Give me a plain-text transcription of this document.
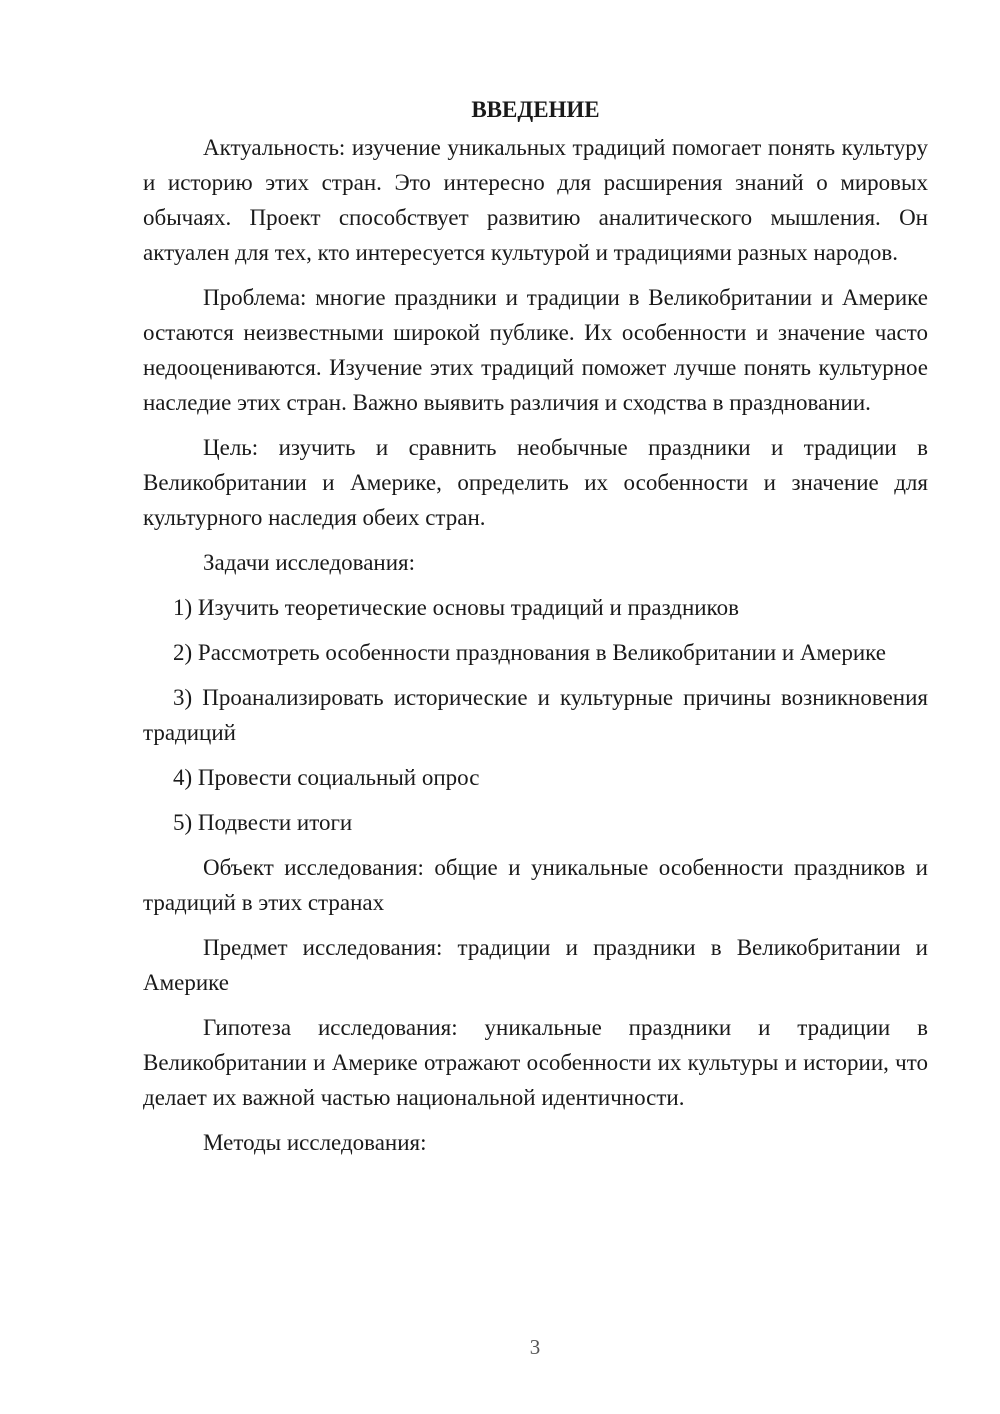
ВВЕДЕНИЕ

Актуальность: изучение уникальных традиций помогает понять культуру и историю этих стран. Это интересно для расширения знаний о мировых обычаях. Проект способствует развитию аналитического мышления. Он актуален для тех, кто интересуется культурой и традициями разных народов.

Проблема: многие праздники и традиции в Великобритании и Америке остаются неизвестными широкой публике. Их особенности и значение часто недооцениваются. Изучение этих традиций поможет лучше понять культурное наследие этих стран. Важно выявить различия и сходства в праздновании.

Цель: изучить и сравнить необычные праздники и традиции в Великобритании и Америке, определить их особенности и значение для культурного наследия обеих стран.

Задачи исследования:

1) Изучить теоретические основы традиций и праздников

2) Рассмотреть особенности празднования в Великобритании и Америке

3) Проанализировать исторические и культурные причины возникновения традиций

4) Провести социальный опрос

5) Подвести итоги

Объект исследования: общие и уникальные особенности праздников и традиций в этих странах

Предмет исследования: традиции и праздники в Великобритании и Америке

Гипотеза исследования: уникальные праздники и традиции в Великобритании и Америке отражают особенности их культуры и истории, что делает их важной частью национальной идентичности.

Методы исследования:

3
